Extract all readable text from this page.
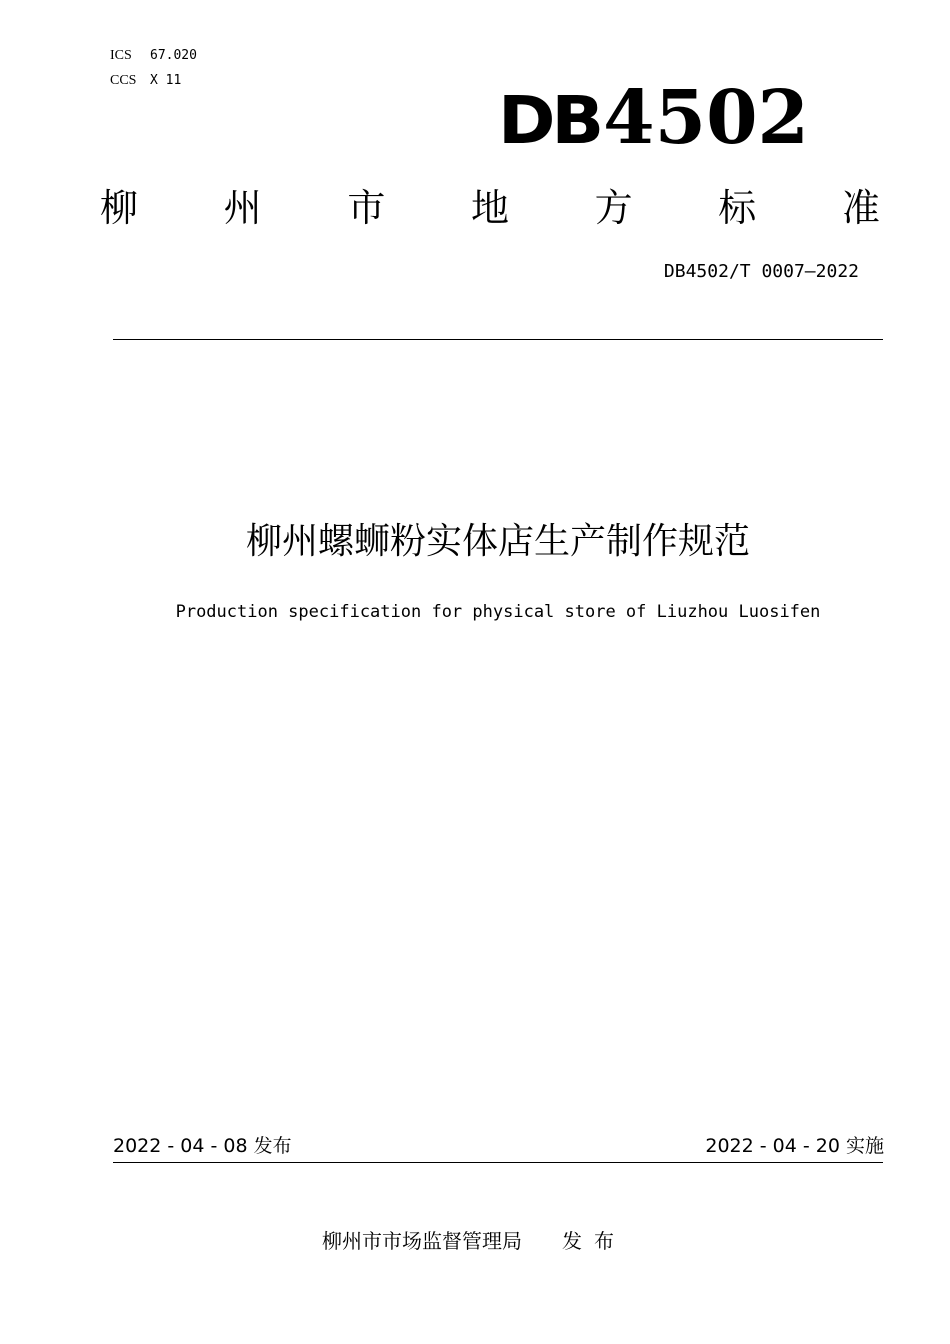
ICS 67.020
CCS X 11
DB4502
柳 州 市 地 方 标 准
DB4502/T 0007—2022
柳州螺蛳粉实体店生产制作规范
Production specification for physical store of Liuzhou Luosifen
2022 - 04 - 08 发布	2022 - 04 - 20 实施
柳州市市场监督管理局 发布
